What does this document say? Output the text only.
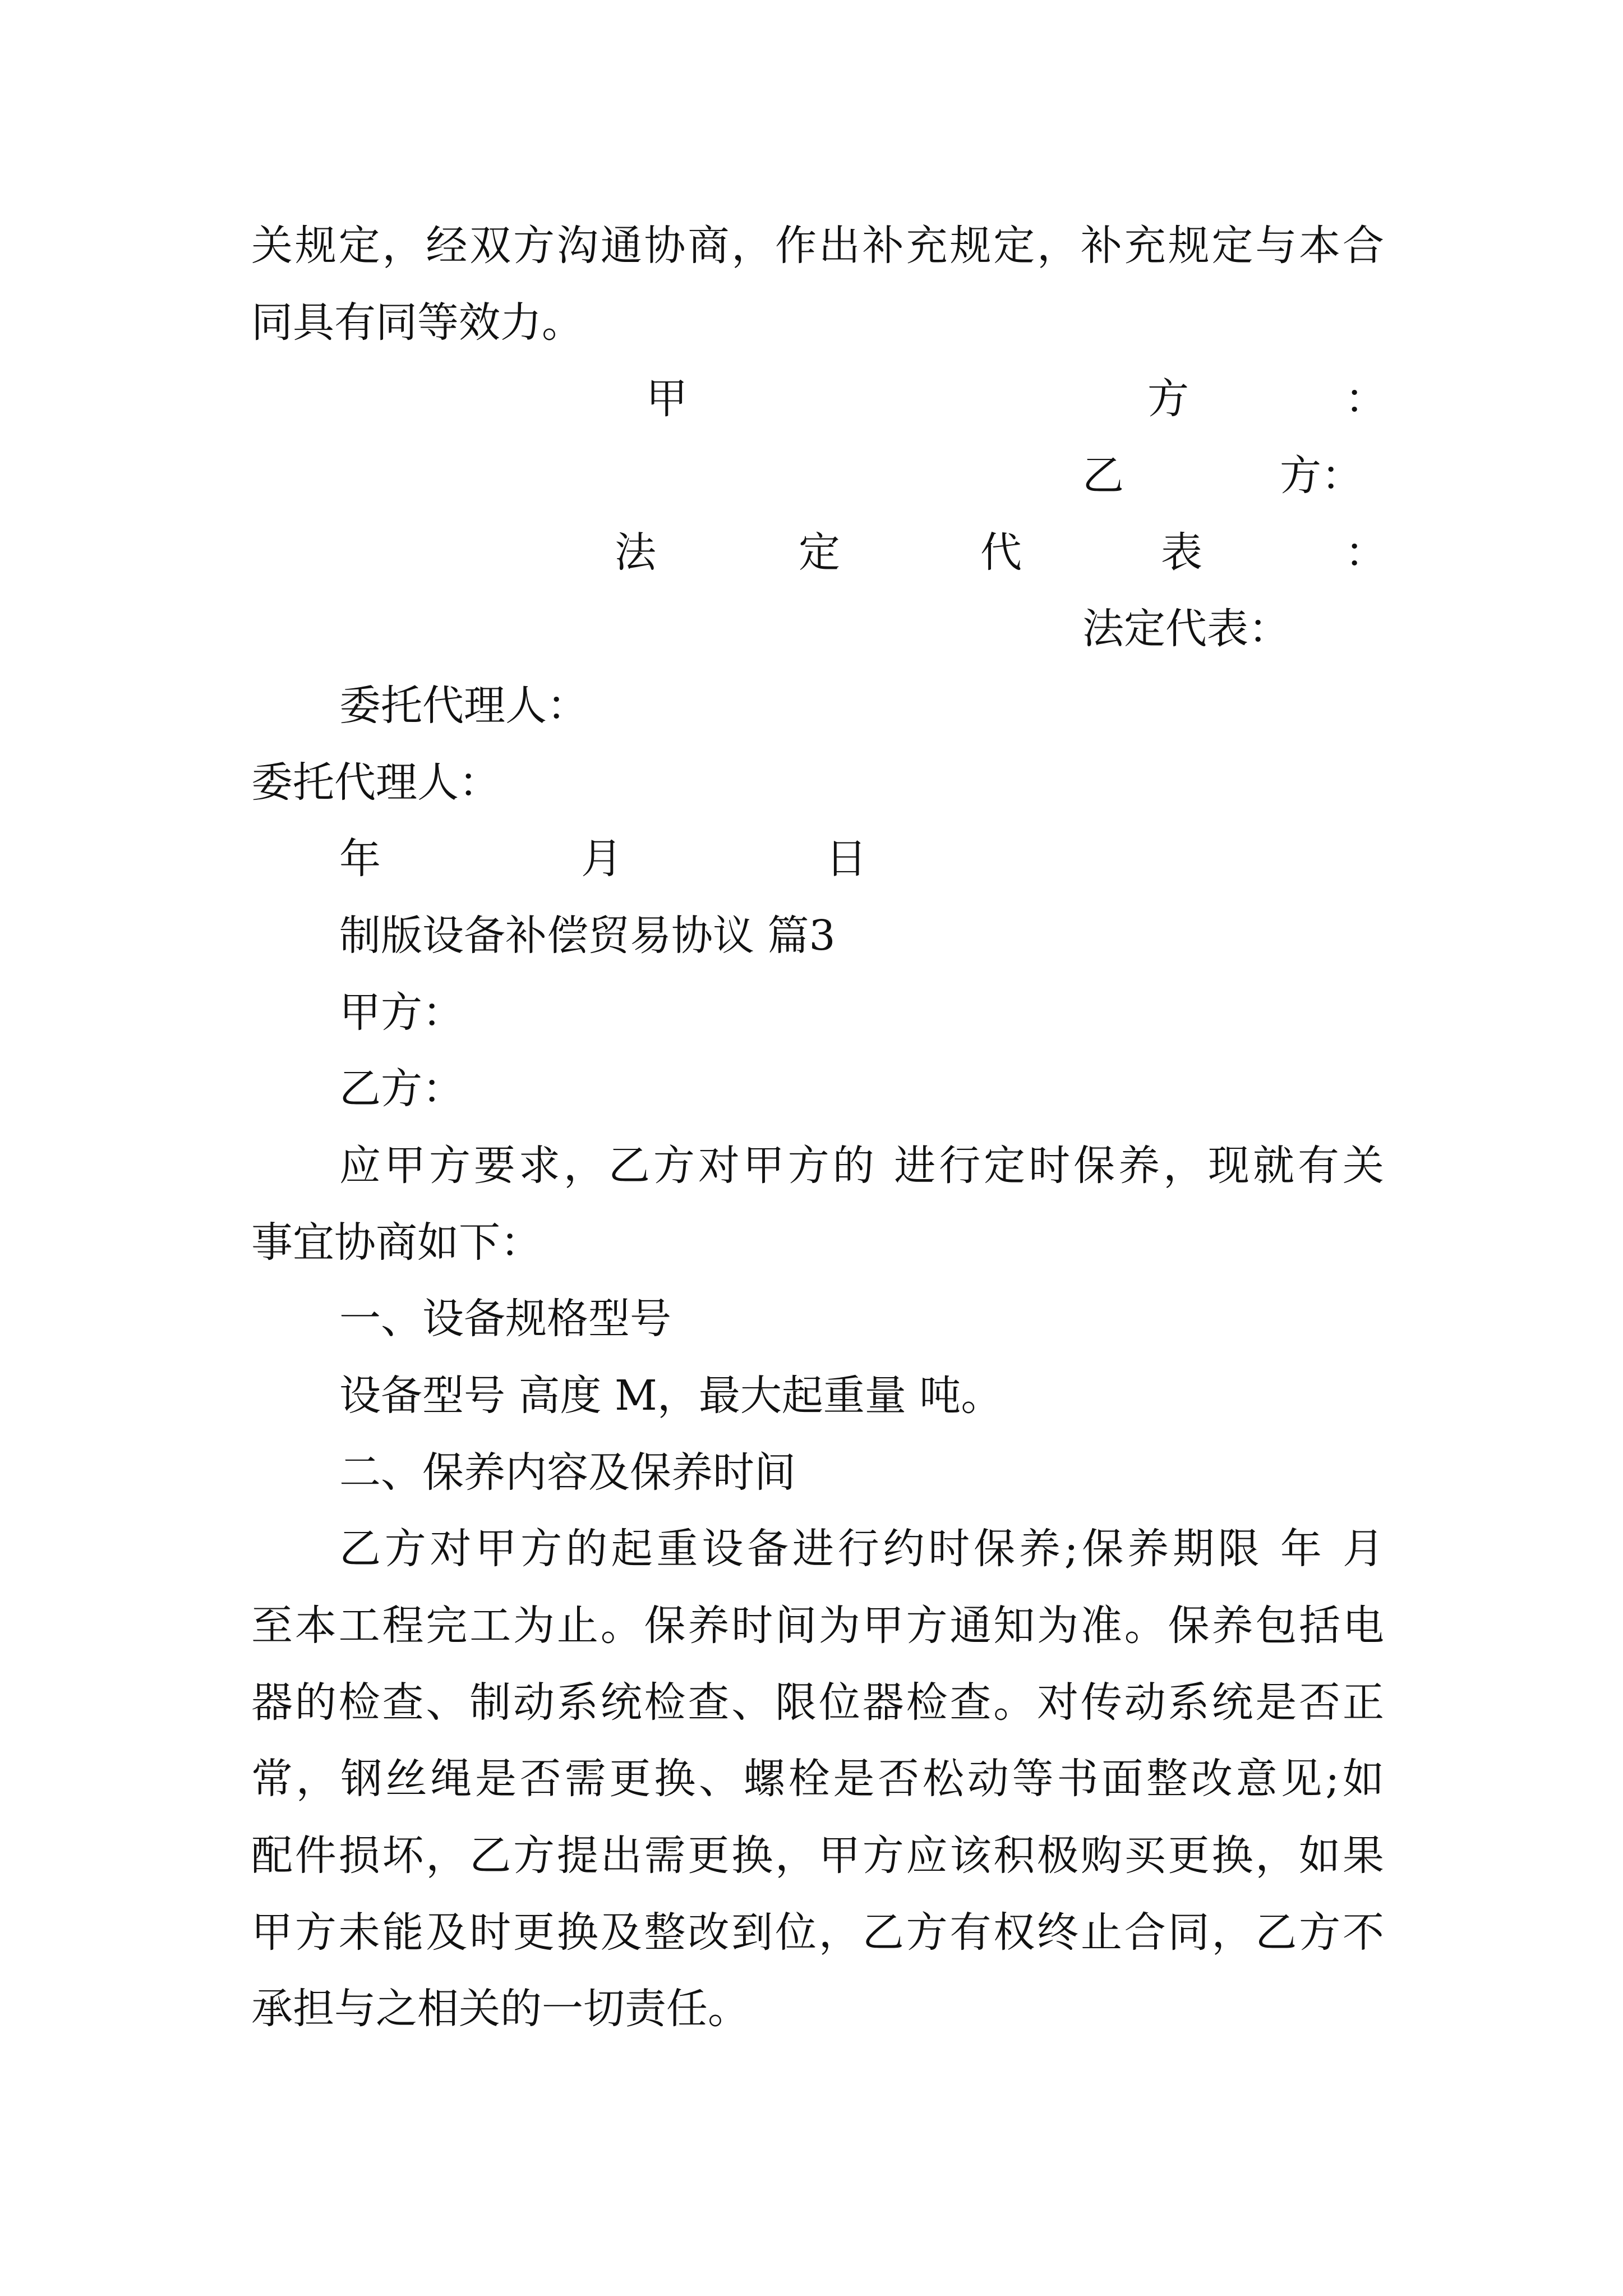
关规定，经双方沟通协商，作出补充规定，补充规定与本合
同具有同等效力。
甲	方	：
乙	方：
法	定	代	表	：
法定代表：
委托代理人：
委托代理人：
年	月	日
制版设备补偿贸易协议 篇3
甲方：
乙方：
应甲方要求，乙方对甲方的 进行定时保养，现就有关
事宜协商如下：
一、设备规格型号
设备型号 高度 M，最大起重量 吨。
二、保养内容及保养时间
乙方对甲方的起重设备进行约时保养;保养期限 年 月
至本工程完工为止。保养时间为甲方通知为准。保养包括电
器的检查、制动系统检查、限位器检查。对传动系统是否正
常，钢丝绳是否需更换、螺栓是否松动等书面整改意见;如
配件损坏，乙方提出需更换，甲方应该积极购买更换，如果
甲方未能及时更换及整改到位，乙方有权终止合同，乙方不
承担与之相关的一切责任。
